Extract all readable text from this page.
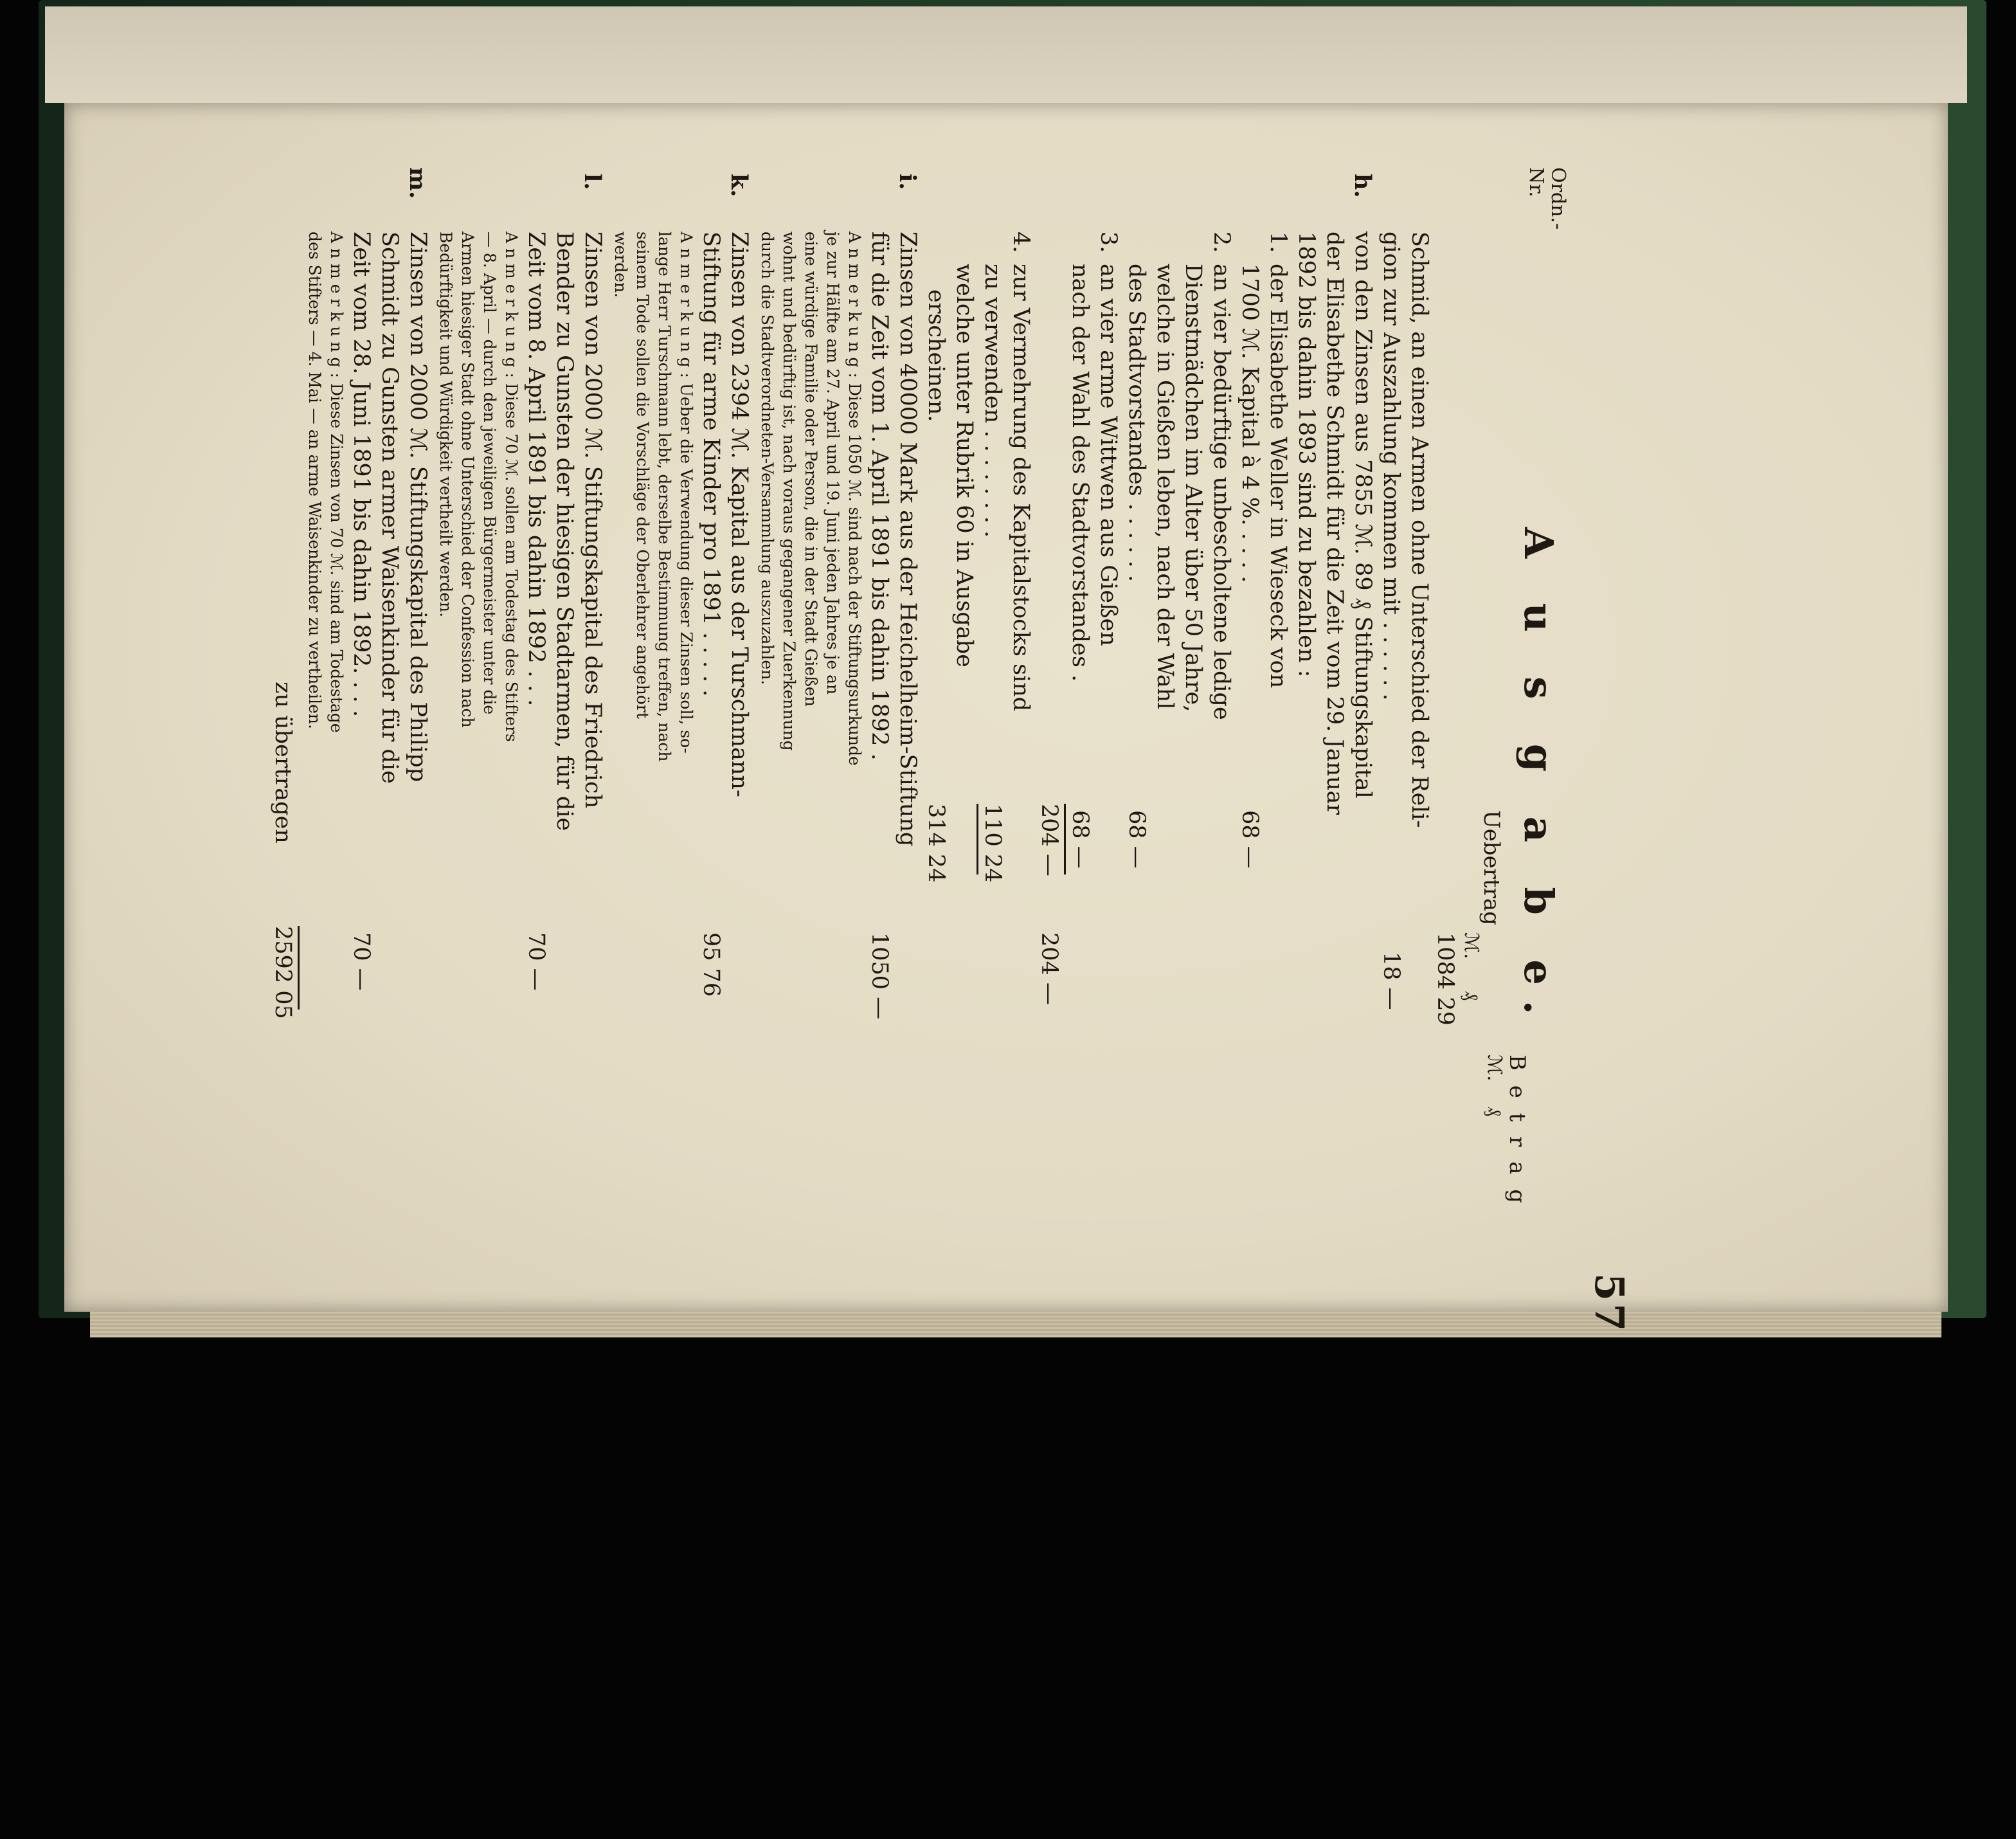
57
A u s g a b e.
Ordn.-
Nr.
B e t r a g
ℳ. ₰
Uebertrag
ℳ. ₰
1084 29
Schmid, an einen Armen ohne Unterschied der Reli-
gion zur Auszahlung kommen mit . . . . . .
18 —
h.
von den Zinsen aus 7855 ℳ. 89 ₰ Stiftungskapital
der Elisabethe Schmidt für die Zeit vom 29. Januar
1892 bis dahin 1893 sind zu bezahlen :
1.
der Elisabethe Weller in Wieseck von
1700 ℳ. Kapital à 4 %. . . . .
68 —
2.
an vier bedürftige unbescholtene ledige
Dienstmädchen im Alter über 50 Jahre,
welche in Gießen leben, nach der Wahl
des Stadtvorstandes . . . . . .
68 —
3.
an vier arme Wittwen aus Gießen
nach der Wahl des Stadtvorstandes .
68 —
204 —
204 —
4.
zur Vermehrung des Kapitalstocks sind
zu verwenden . . . . . . . .
110 24
welche unter Rubrik 60 in Ausgabe
314 24
erscheinen.
i.
Zinsen von 40000 Mark aus der Heichelheim-Stiftung
für die Zeit vom 1. April 1891 bis dahin 1892 .
1050 —
A n m e r k u n g : Diese 1050 ℳ. sind nach der Stiftungsurkunde
je zur Hälfte am 27. April und 19. Juni jeden Jahres je an
eine würdige Familie oder Person, die in der Stadt Gießen
wohnt und bedürftig ist, nach voraus gegangener Zuerkennung
durch die Stadtverordneten-Versammlung auszuzahlen.
k.
Zinsen von 2394 ℳ. Kapital aus der Turschmann-
Stiftung für arme Kinder pro 1891 . . . . .
95 76
A n m e r k u n g : Ueber die Verwendung dieser Zinsen soll, so-
lange Herr Turschmann lebt, derselbe Bestimmung treffen, nach
seinem Tode sollen die Vorschläge der Oberlehrer angehört
werden.
l.
Zinsen von 2000 ℳ. Stiftungskapital des Friedrich
Bender zu Gunsten der hiesigen Stadtarmen, für die
Zeit vom 8. April 1891 bis dahin 1892 . . .
70 —
A n m e r k u n g : Diese 70 ℳ. sollen am Todestag des Stifters
— 8. April — durch den jeweiligen Bürgermeister unter die
Armen hiesiger Stadt ohne Unterschied der Confession nach
Bedürftigkeit und Würdigkeit vertheilt werden.
m.
Zinsen von 2000 ℳ. Stiftungskapital des Philipp
Schmidt zu Gunsten armer Waisenkinder für die
Zeit vom 28. Juni 1891 bis dahin 1892. . . .
70 —
A n m e r k u n g : Diese Zinsen von 70 ℳ. sind am Todestage
des Stifters — 4. Mai — an arme Waisenkinder zu vertheilen.
zu übertragen
2592 05
